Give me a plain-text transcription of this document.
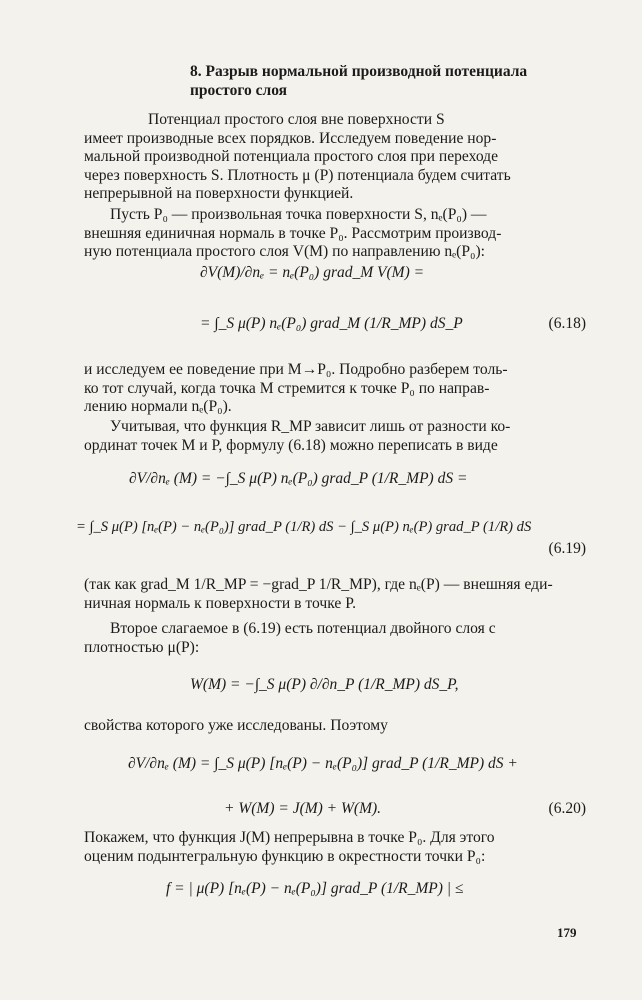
8. Разрыв нормальной производной потенциала
простого слоя
Потенциал простого слоя вне поверхности S
имеет производные всех порядков. Исследуем поведение нор-
мальной производной потенциала простого слоя при переходе
через поверхность S. Плотность μ (P) потенциала будем считать
непрерывной на поверхности функцией.
Пусть P₀ — произвольная точка поверхности S, nₑ(P₀) —
внешняя единичная нормаль в точке P₀. Рассмотрим производ-
ную потенциала простого слоя V(M) по направлению nₑ(P₀):
∂V(M)/∂nₑ = nₑ(P₀) grad_M V(M) =
= ∫_S μ(P) nₑ(P₀) grad_M (1/R_MP) dS_P	(6.18)
и исследуем ее поведение при M→P₀. Подробно разберем толь-
ко тот случай, когда точка M стремится к точке P₀ по направ-
лению нормали nₑ(P₀).
Учитывая, что функция R_MP зависит лишь от разности ко-
ординат точек M и P, формулу (6.18) можно переписать в виде
∂V/∂nₑ (M) = −∫_S μ(P) nₑ(P₀) grad_P (1/R_MP) dS =
= ∫_S μ(P) [nₑ(P) − nₑ(P₀)] grad_P (1/R) dS − ∫_S μ(P) nₑ(P) grad_P (1/R) dS
(6.19)
(так как grad_M 1/R_MP = −grad_P 1/R_MP), где nₑ(P) — внешняя еди-
ничная нормаль к поверхности в точке P.
Второе слагаемое в (6.19) есть потенциал двойного слоя с
плотностью μ(P):
W(M) = −∫_S μ(P) ∂/∂n_P (1/R_MP) dS_P,
свойства которого уже исследованы. Поэтому
∂V/∂nₑ (M) = ∫_S μ(P) [nₑ(P) − nₑ(P₀)] grad_P (1/R_MP) dS +
+ W(M) = J(M) + W(M).	(6.20)
Покажем, что функция J(M) непрерывна в точке P₀. Для этого
оценим подынтегральную функцию в окрестности точки P₀:
f = | μ(P) [nₑ(P) − nₑ(P₀)] grad_P (1/R_MP) | ≤
179
